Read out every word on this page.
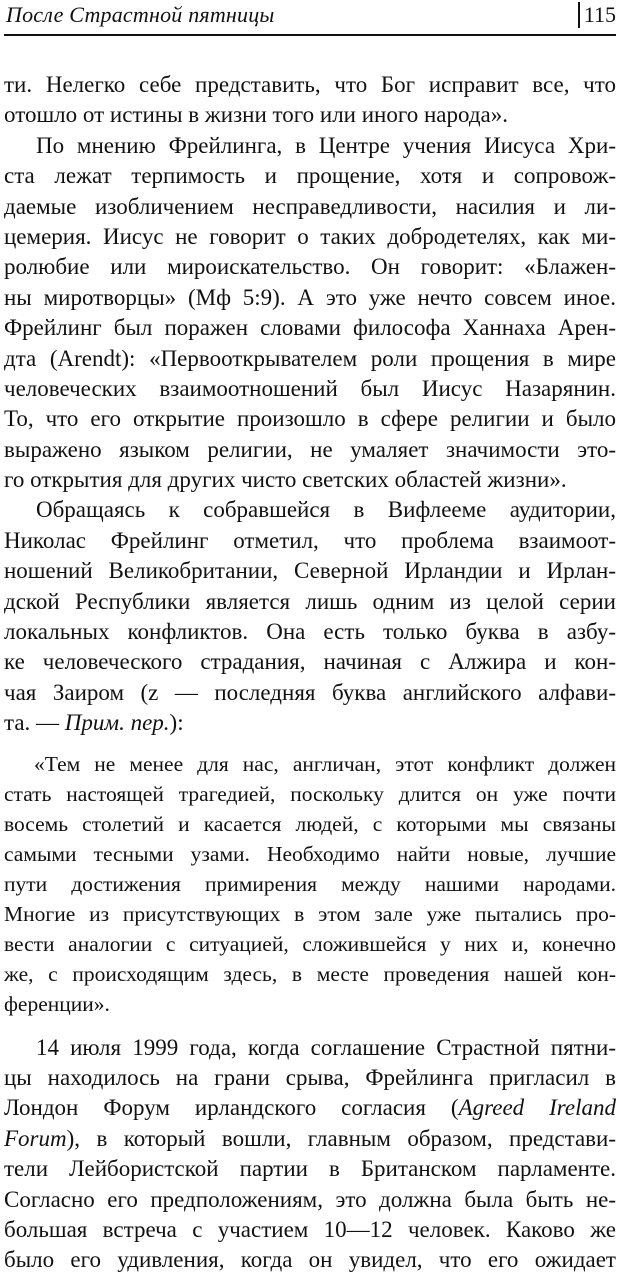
После Страстной пятницы	115
ти. Нелегко себе представить, что Бог исправит все, что
отошло от истины в жизни того или иного народа».
По мнению Фрейлинга, в Центре учения Иисуса Хри-
ста лежат терпимость и прощение, хотя и сопровож-
даемые изобличением несправедливости, насилия и ли-
цемерия. Иисус не говорит о таких добродетелях, как ми-
ролюбие или мироискательство. Он говорит: «Блажен-
ны миротворцы» (Мф 5:9). А это уже нечто совсем иное.
Фрейлинг был поражен словами философа Ханнаха Арен-
дта (Arendt): «Первооткрывателем роли прощения в мире
человеческих взаимоотношений был Иисус Назарянин.
То, что его открытие произошло в сфере религии и было
выражено языком религии, не умаляет значимости это-
го открытия для других чисто светских областей жизни».
Обращаясь к собравшейся в Вифлееме аудитории,
Николас Фрейлинг отметил, что проблема взаимоот-
ношений Великобритании, Северной Ирландии и Ирлан-
дской Республики является лишь одним из целой серии
локальных конфликтов. Она есть только буква в азбу-
ке человеческого страдания, начиная с Алжира и кон-
чая Заиром (z — последняя буква английского алфави-
та. — Прим. пер.):
«Тем не менее для нас, англичан, этот конфликт должен
стать настоящей трагедией, поскольку длится он уже почти
восемь столетий и касается людей, с которыми мы связаны
самыми тесными узами. Необходимо найти новые, лучшие
пути достижения примирения между нашими народами.
Многие из присутствующих в этом зале уже пытались про-
вести аналогии с ситуацией, сложившейся у них и, конечно
же, с происходящим здесь, в месте проведения нашей кон-
ференции».
14 июля 1999 года, когда соглашение Страстной пятни-
цы находилось на грани срыва, Фрейлинга пригласил в
Лондон Форум ирландского согласия (Agreed Ireland
Forum), в который вошли, главным образом, представи-
тели Лейбористской партии в Британском парламенте.
Согласно его предположениям, это должна была быть не-
большая встреча с участием 10—12 человек. Каково же
было его удивления, когда он увидел, что его ожидает
